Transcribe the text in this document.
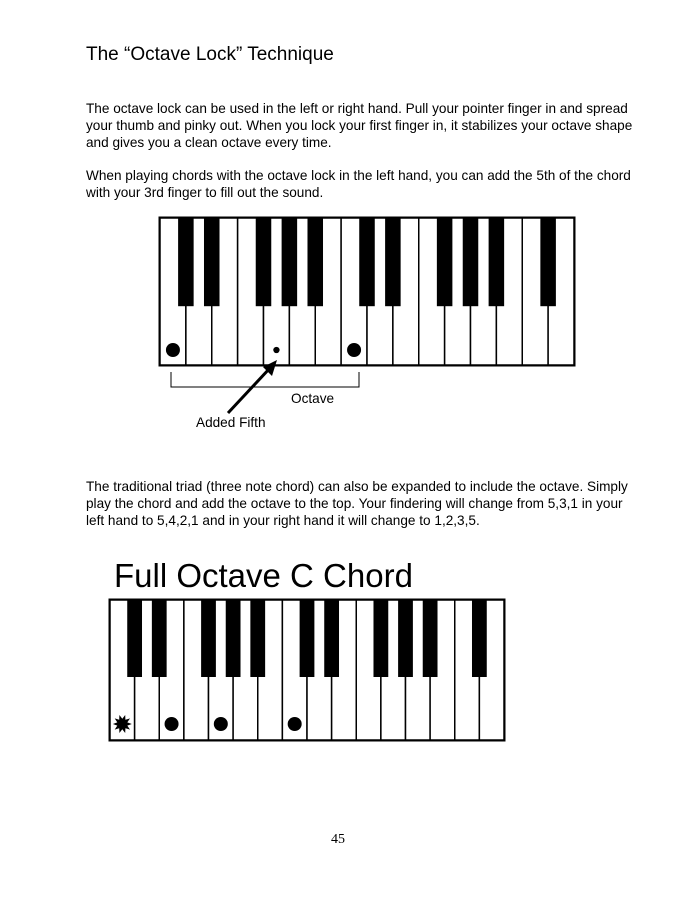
The “Octave Lock” Technique

The octave lock can be used in the left or right hand. Pull your pointer finger in and spread your thumb and pinky out. When you lock your first finger in, it stabilizes your octave shape and gives you a clean octave every time.

When playing chords with the octave lock in the left hand, you can add the 5th of the chord with your 3rd finger to fill out the sound.

Octave
Added Fifth

The traditional triad (three note chord) can also be expanded to include the octave. Simply play the chord and add the octave to the top. Your findering will change from 5,3,1 in your left hand to 5,4,2,1 and in your right hand it will change to 1,2,3,5.

Full Octave C Chord
45
